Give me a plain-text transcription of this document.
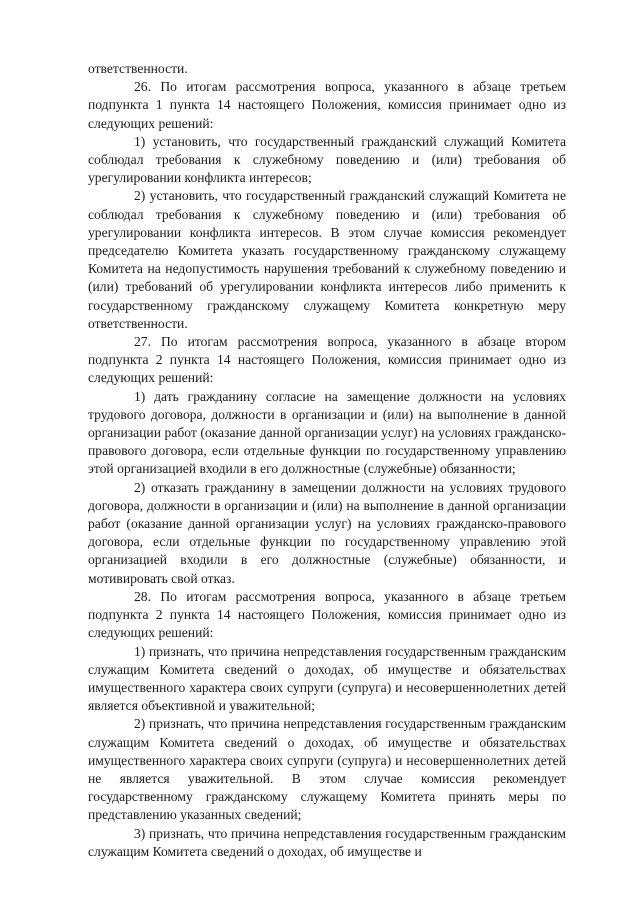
ответственности.

26. По итогам рассмотрения вопроса, указанного в абзаце третьем подпункта 1 пункта 14 настоящего Положения, комиссия принимает одно из следующих решений:

1) установить, что государственный гражданский служащий Комитета соблюдал требования к служебному поведению и (или) требования об урегулировании конфликта интересов;

2) установить, что государственный гражданский служащий Комитета не соблюдал требования к служебному поведению и (или) требования об урегулировании конфликта интересов. В этом случае комиссия рекомендует председателю Комитета указать государственному гражданскому служащему Комитета на недопустимость нарушения требований к служебному поведению и (или) требований об урегулировании конфликта интересов либо применить к государственному гражданскому служащему Комитета конкретную меру ответственности.

27. По итогам рассмотрения вопроса, указанного в абзаце втором подпункта 2 пункта 14 настоящего Положения, комиссия принимает одно из следующих решений:

1) дать гражданину согласие на замещение должности на условиях трудового договора, должности в организации и (или) на выполнение в данной организации работ (оказание данной организации услуг) на условиях гражданско-правового договора, если отдельные функции по государственному управлению этой организацией входили в его должностные (служебные) обязанности;

2) отказать гражданину в замещении должности на условиях трудового договора, должности в организации и (или) на выполнение в данной организации работ (оказание данной организации услуг) на условиях гражданско-правового договора, если отдельные функции по государственному управлению этой организацией входили в его должностные (служебные) обязанности, и мотивировать свой отказ.

28. По итогам рассмотрения вопроса, указанного в абзаце третьем подпункта 2 пункта 14 настоящего Положения, комиссия принимает одно из следующих решений:

1) признать, что причина непредставления государственным гражданским служащим Комитета сведений о доходах, об имуществе и обязательствах имущественного характера своих супруги (супруга) и несовершеннолетних детей является объективной и уважительной;

2) признать, что причина непредставления государственным гражданским служащим Комитета сведений о доходах, об имуществе и обязательствах имущественного характера своих супруги (супруга) и несовершеннолетних детей не является уважительной. В этом случае комиссия рекомендует государственному гражданскому служащему Комитета принять меры по представлению указанных сведений;

3) признать, что причина непредставления государственным гражданским служащим Комитета сведений о доходах, об имуществе и
